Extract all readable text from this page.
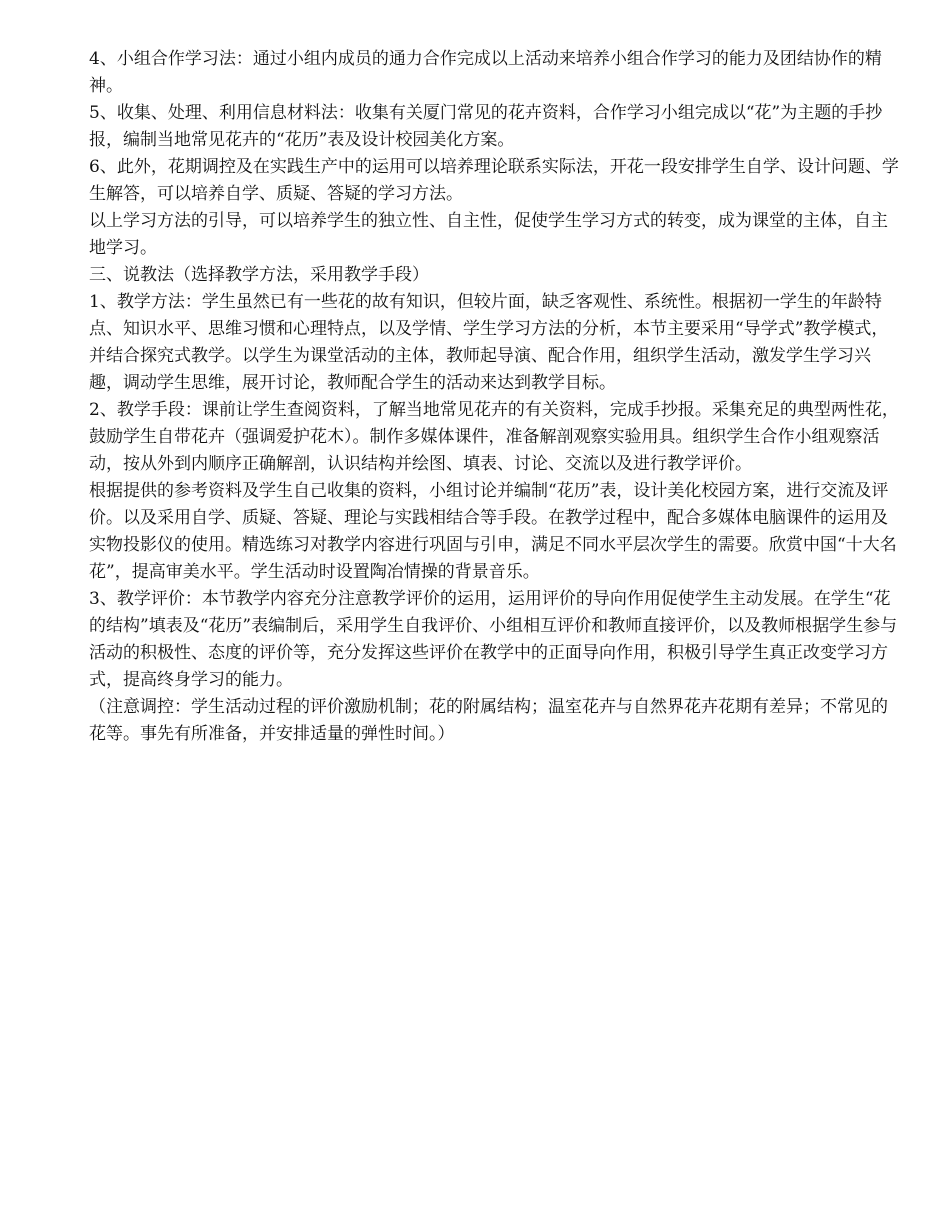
4、小组合作学习法：通过小组内成员的通力合作完成以上活动来培养小组合作学习的能力及团结协作的精神。

5、收集、处理、利用信息材料法：收集有关厦门常见的花卉资料，合作学习小组完成以“花”为主题的手抄报，编制当地常见花卉的“花历”表及设计校园美化方案。

6、此外，花期调控及在实践生产中的运用可以培养理论联系实际法，开花一段安排学生自学、设计问题、学生解答，可以培养自学、质疑、答疑的学习方法。

以上学习方法的引导，可以培养学生的独立性、自主性，促使学生学习方式的转变，成为课堂的主体，自主地学习。

三、说教法（选择教学方法，采用教学手段）

1、教学方法：学生虽然已有一些花的故有知识，但较片面，缺乏客观性、系统性。根据初一学生的年龄特点、知识水平、思维习惯和心理特点，以及学情、学生学习方法的分析，本节主要采用“导学式”教学模式，并结合探究式教学。以学生为课堂活动的主体，教师起导演、配合作用，组织学生活动，激发学生学习兴趣，调动学生思维，展开讨论，教师配合学生的活动来达到教学目标。

2、教学手段：课前让学生查阅资料，了解当地常见花卉的有关资料，完成手抄报。采集充足的典型两性花，鼓励学生自带花卉（强调爱护花木）。制作多媒体课件，准备解剖观察实验用具。组织学生合作小组观察活动，按从外到内顺序正确解剖，认识结构并绘图、填表、讨论、交流以及进行教学评价。

根据提供的参考资料及学生自己收集的资料，小组讨论并编制“花历”表，设计美化校园方案，进行交流及评价。以及采用自学、质疑、答疑、理论与实践相结合等手段。在教学过程中，配合多媒体电脑课件的运用及实物投影仪的使用。精选练习对教学内容进行巩固与引申，满足不同水平层次学生的需要。欣赏中国“十大名花”，提高审美水平。学生活动时设置陶冶情操的背景音乐。

3、教学评价：本节教学内容充分注意教学评价的运用，运用评价的导向作用促使学生主动发展。在学生“花的结构”填表及“花历”表编制后，采用学生自我评价、小组相互评价和教师直接评价，以及教师根据学生参与活动的积极性、态度的评价等，充分发挥这些评价在教学中的正面导向作用，积极引导学生真正改变学习方式，提高终身学习的能力。

（注意调控：学生活动过程的评价激励机制；花的附属结构；温室花卉与自然界花卉花期有差异；不常见的花等。事先有所准备，并安排适量的弹性时间。）
